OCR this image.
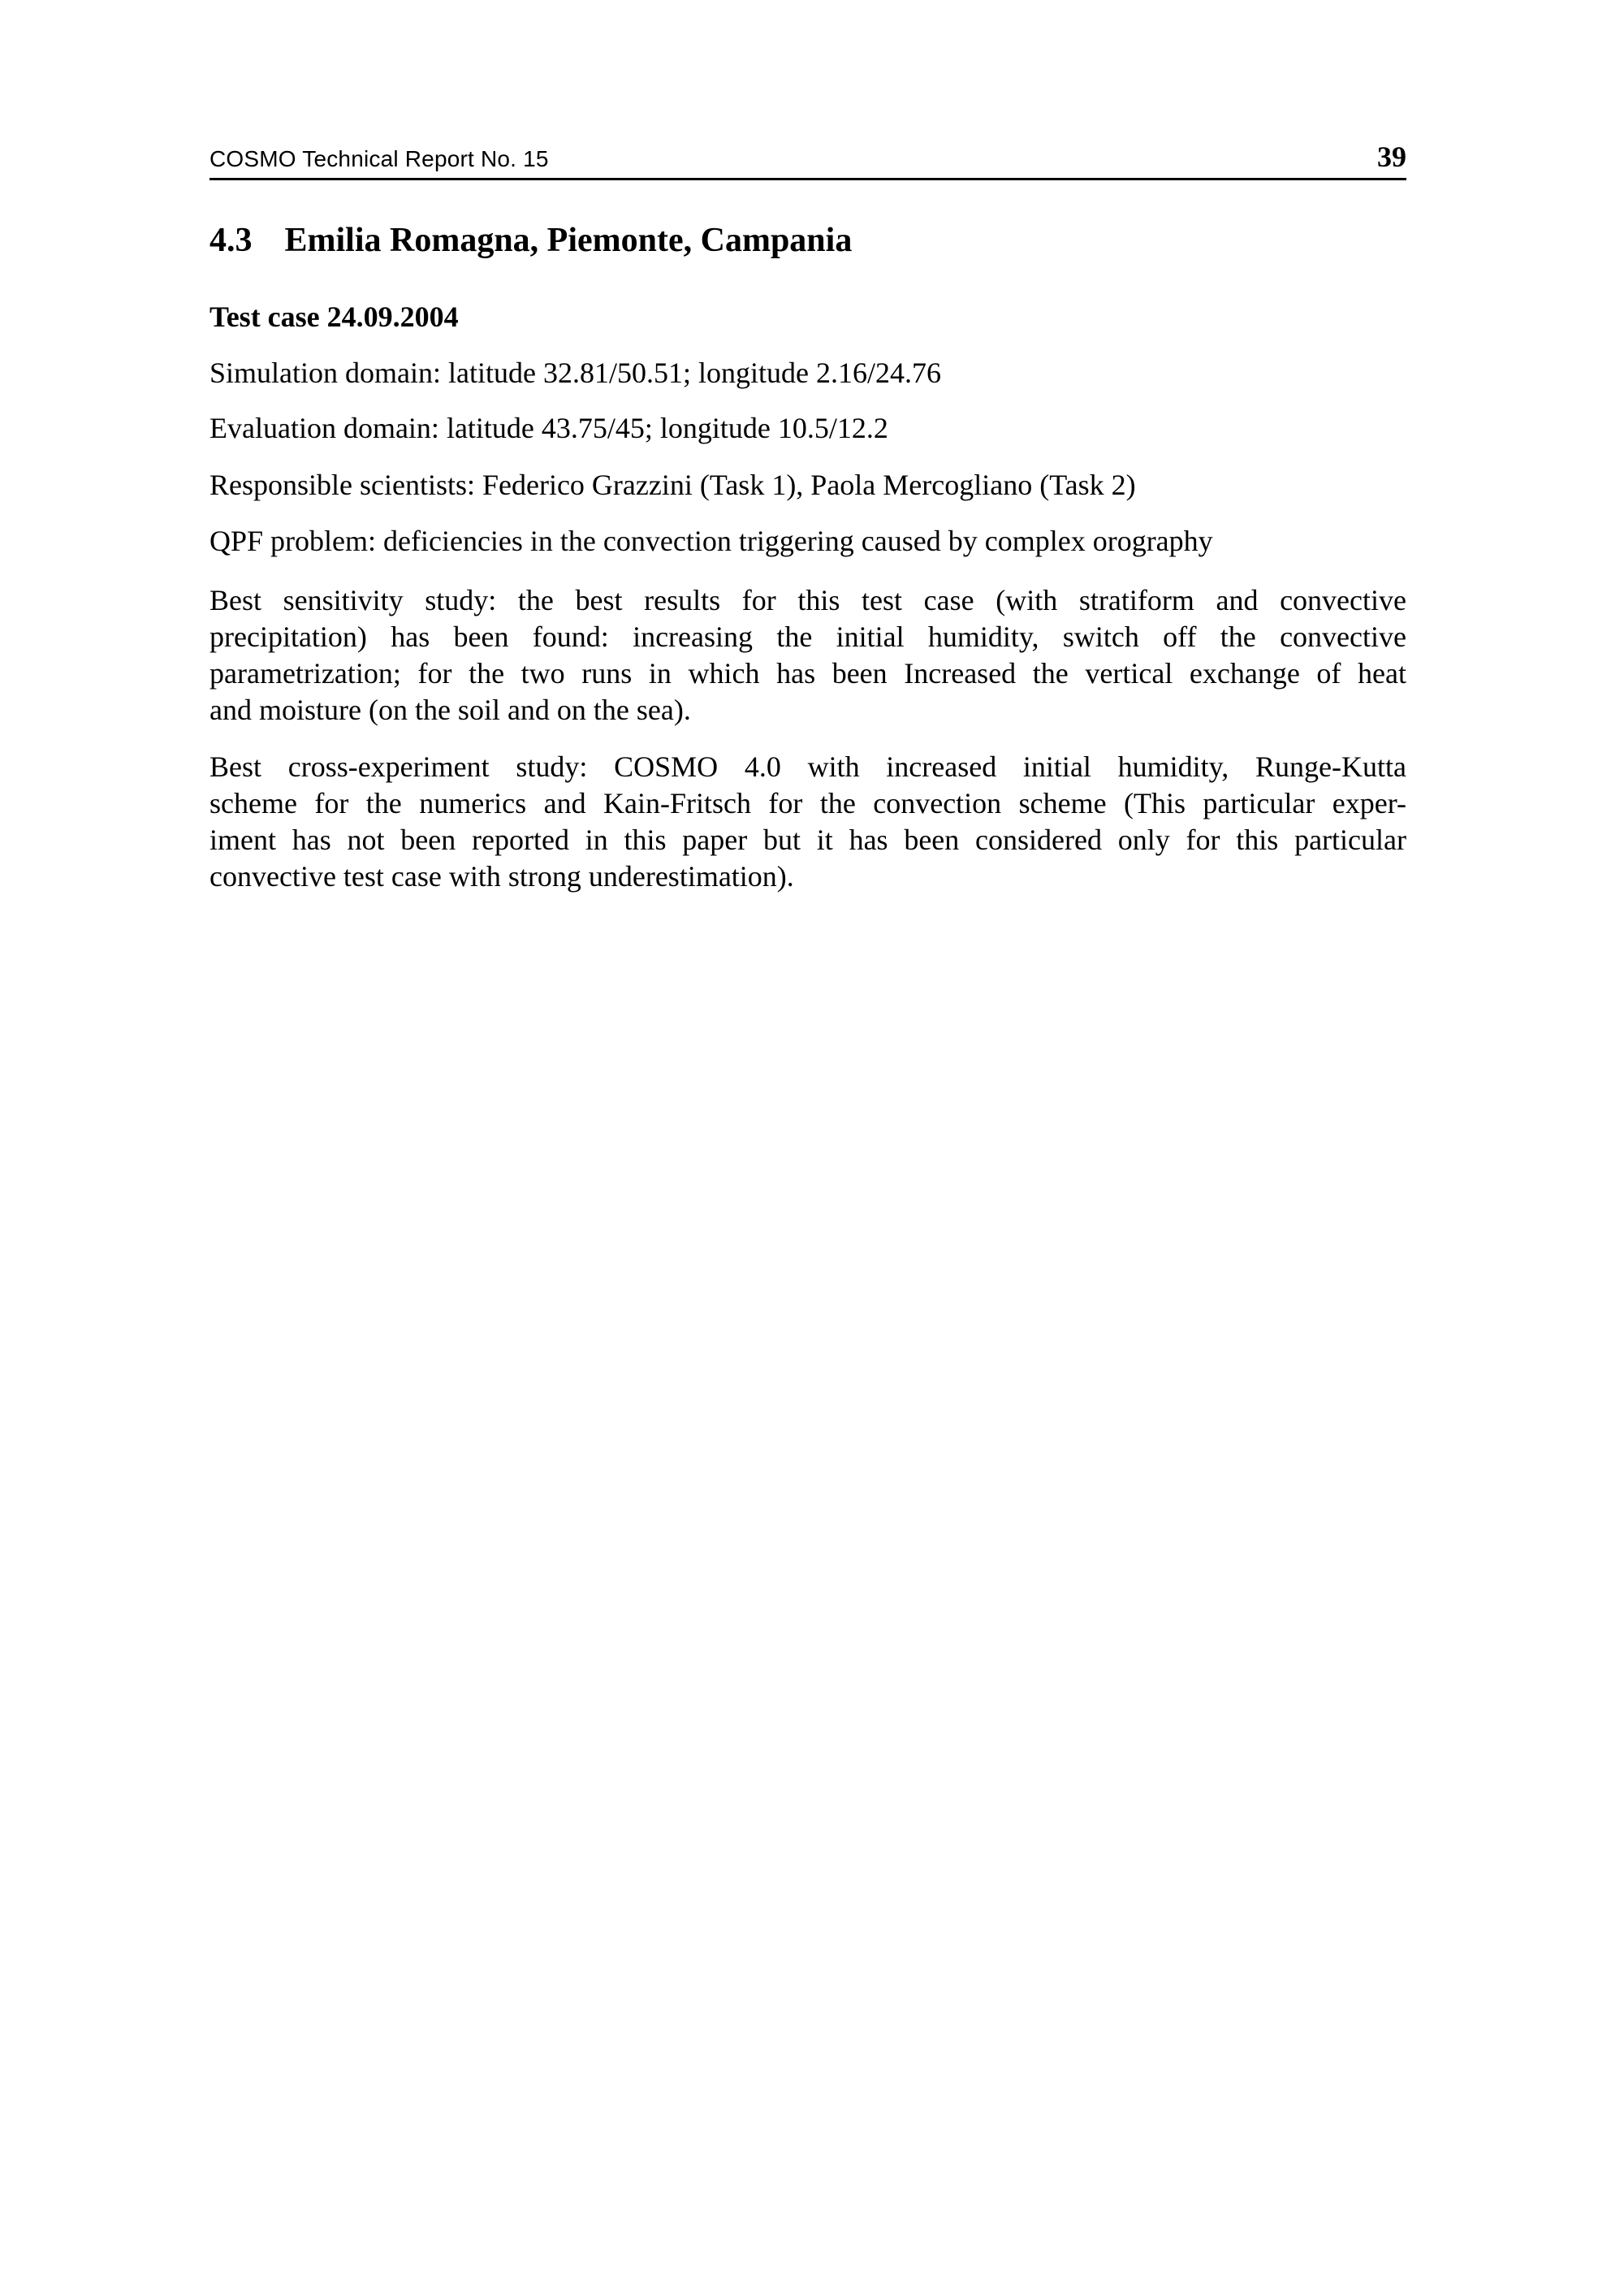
COSMO Technical Report No. 15	39
4.3 Emilia Romagna, Piemonte, Campania
Test case 24.09.2004
Simulation domain: latitude 32.81/50.51; longitude 2.16/24.76
Evaluation domain: latitude 43.75/45; longitude 10.5/12.2
Responsible scientists: Federico Grazzini (Task 1), Paola Mercogliano (Task 2)
QPF problem: deficiencies in the convection triggering caused by complex orography
Best sensitivity study: the best results for this test case (with stratiform and convective
precipitation) has been found: increasing the initial humidity, switch off the convective
parametrization; for the two runs in which has been Increased the vertical exchange of heat
and moisture (on the soil and on the sea).
Best cross-experiment study: COSMO 4.0 with increased initial humidity, Runge-Kutta
scheme for the numerics and Kain-Fritsch for the convection scheme (This particular exper-
iment has not been reported in this paper but it has been considered only for this particular
convective test case with strong underestimation).
